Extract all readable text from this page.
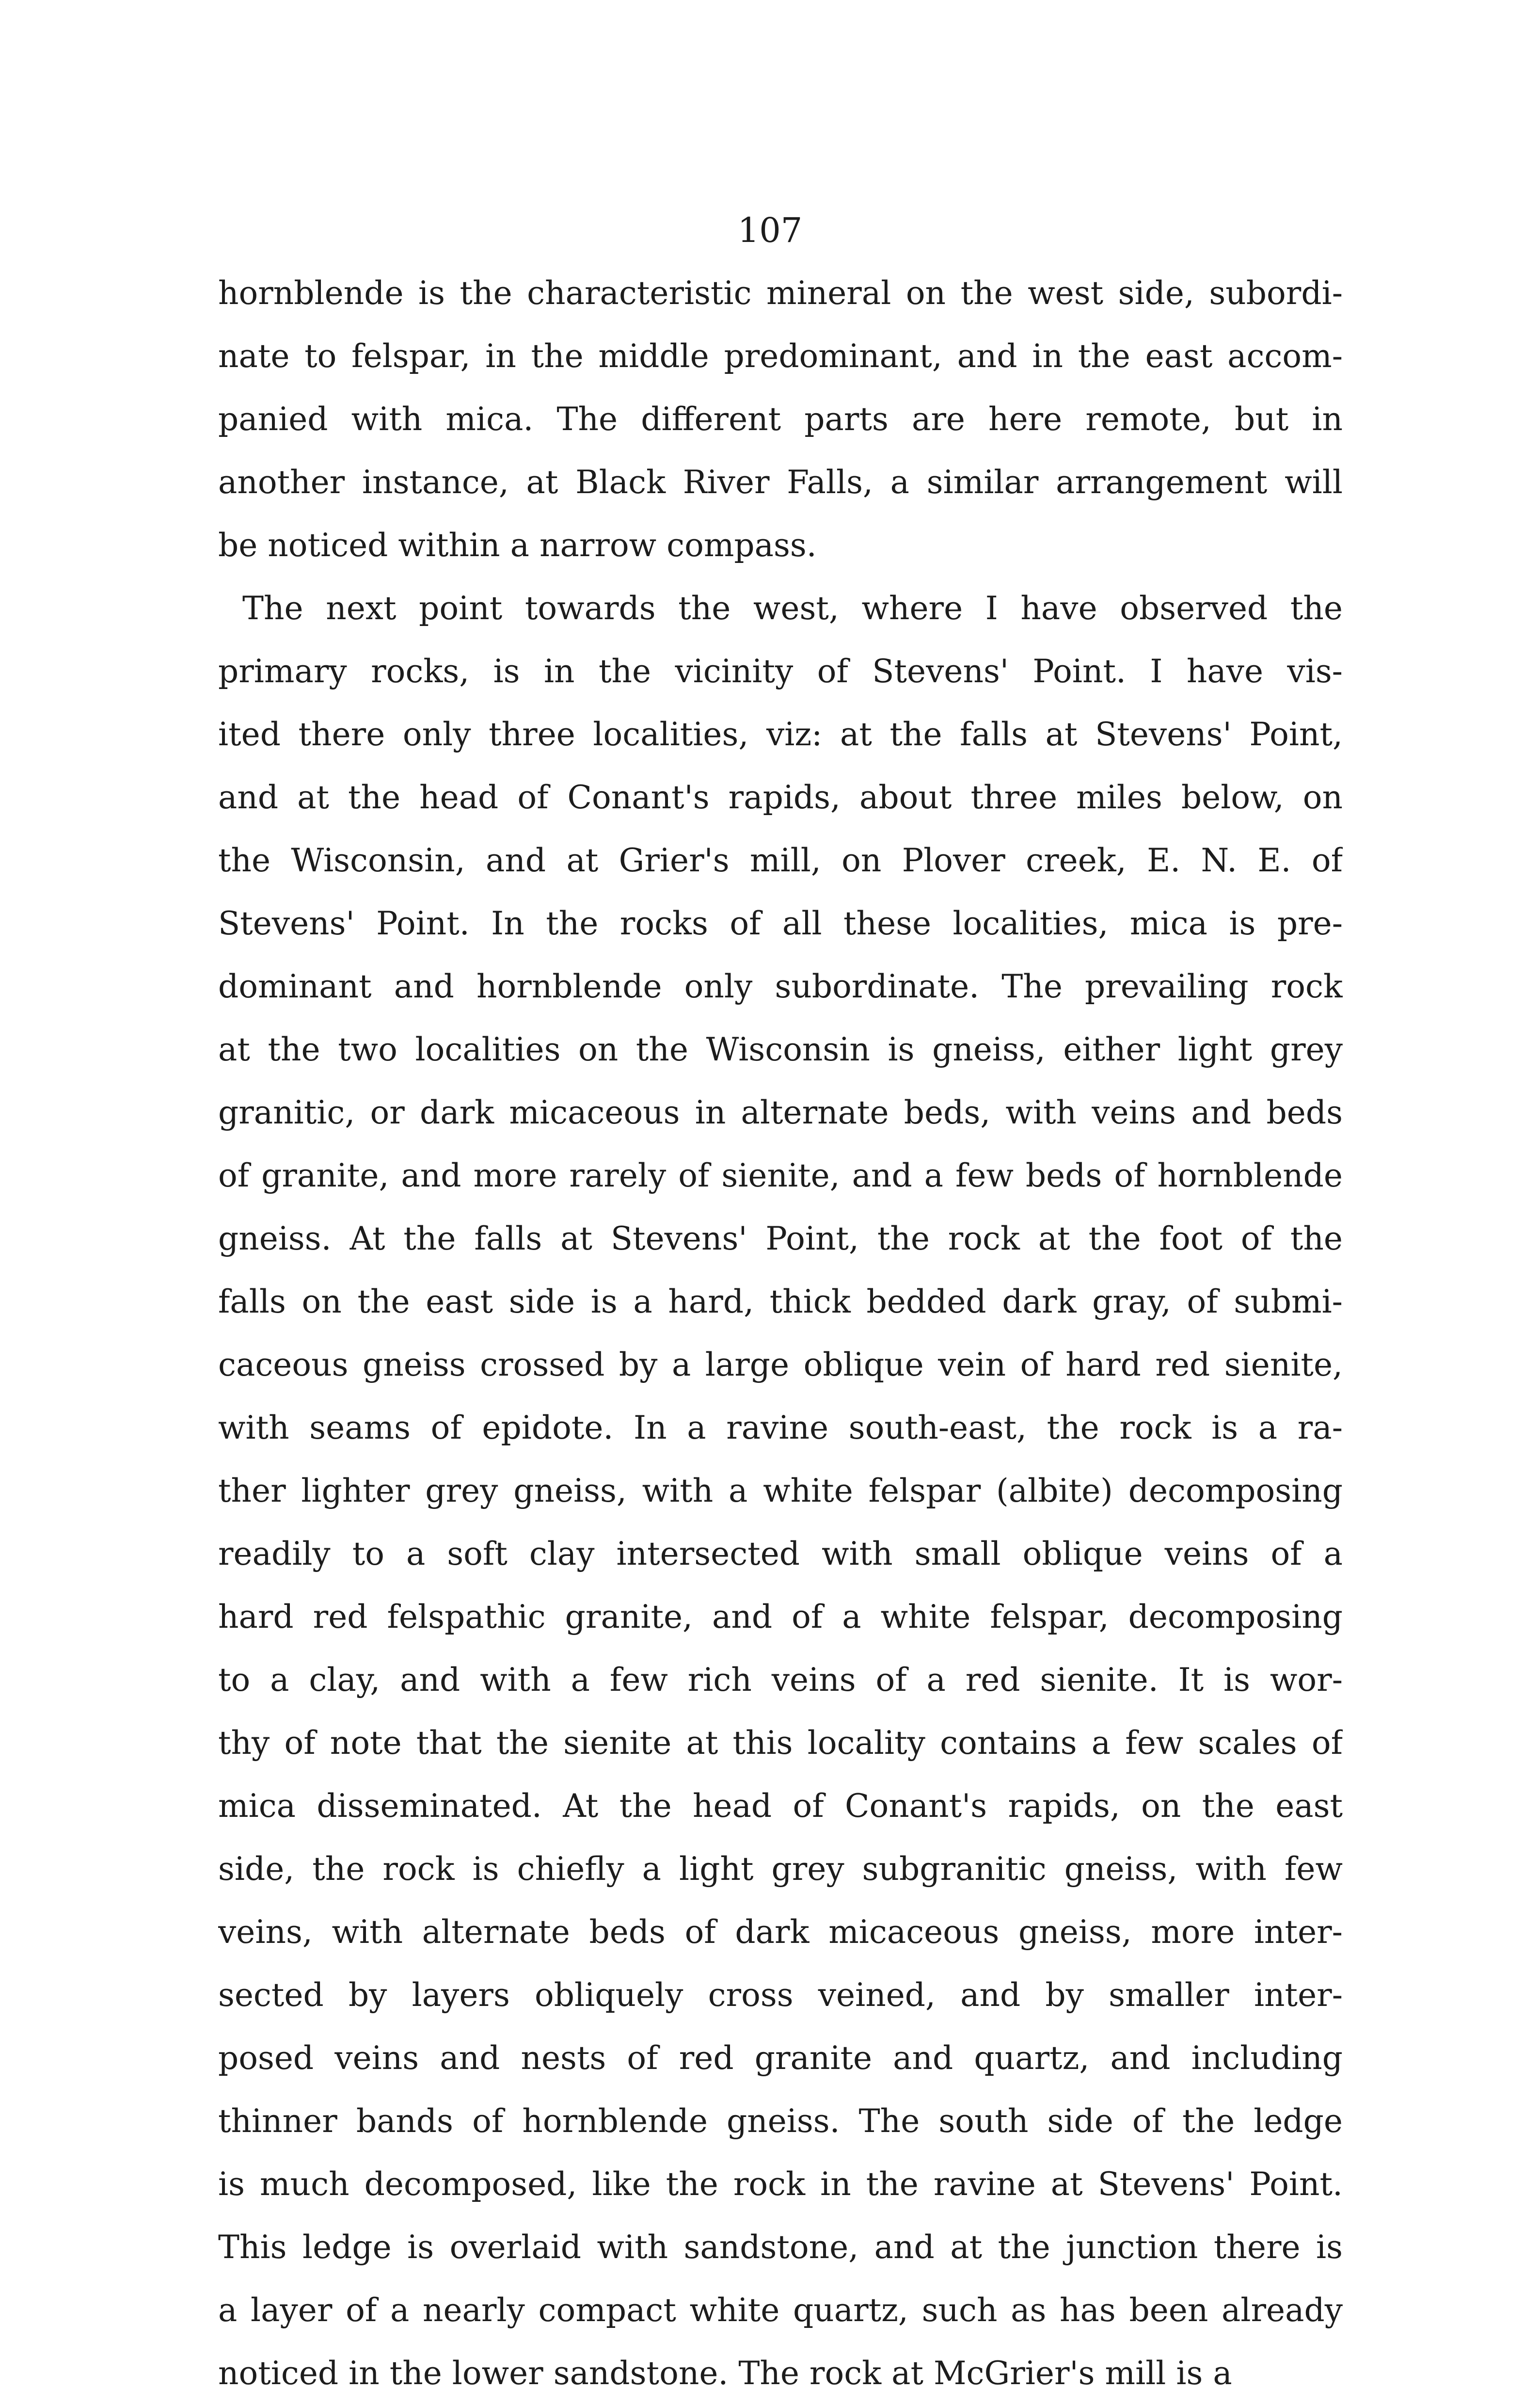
107
hornblende is the characteristic mineral on the west side, subordi-
nate to felspar, in the middle predominant, and in the east accom-
panied with mica. The different parts are here remote, but in
another instance, at Black River Falls, a similar arrangement will
be noticed within a narrow compass.
The next point towards the west, where I have observed the
primary rocks, is in the vicinity of Stevens' Point. I have vis-
ited there only three localities, viz: at the falls at Stevens' Point,
and at the head of Conant's rapids, about three miles below, on
the Wisconsin, and at Grier's mill, on Plover creek, E. N. E. of
Stevens' Point. In the rocks of all these localities, mica is pre-
dominant and hornblende only subordinate. The prevailing rock
at the two localities on the Wisconsin is gneiss, either light grey
granitic, or dark micaceous in alternate beds, with veins and beds
of granite, and more rarely of sienite, and a few beds of hornblende
gneiss. At the falls at Stevens' Point, the rock at the foot of the
falls on the east side is a hard, thick bedded dark gray, of submi-
caceous gneiss crossed by a large oblique vein of hard red sienite,
with seams of epidote. In a ravine south-east, the rock is a ra-
ther lighter grey gneiss, with a white felspar (albite) decomposing
readily to a soft clay intersected with small oblique veins of a
hard red felspathic granite, and of a white felspar, decomposing
to a clay, and with a few rich veins of a red sienite. It is wor-
thy of note that the sienite at this locality contains a few scales of
mica disseminated. At the head of Conant's rapids, on the east
side, the rock is chiefly a light grey subgranitic gneiss, with few
veins, with alternate beds of dark micaceous gneiss, more inter-
sected by layers obliquely cross veined, and by smaller inter-
posed veins and nests of red granite and quartz, and including
thinner bands of hornblende gneiss. The south side of the ledge
is much decomposed, like the rock in the ravine at Stevens' Point.
This ledge is overlaid with sandstone, and at the junction there is
a layer of a nearly compact white quartz, such as has been already
noticed in the lower sandstone. The rock at McGrier's mill is a
